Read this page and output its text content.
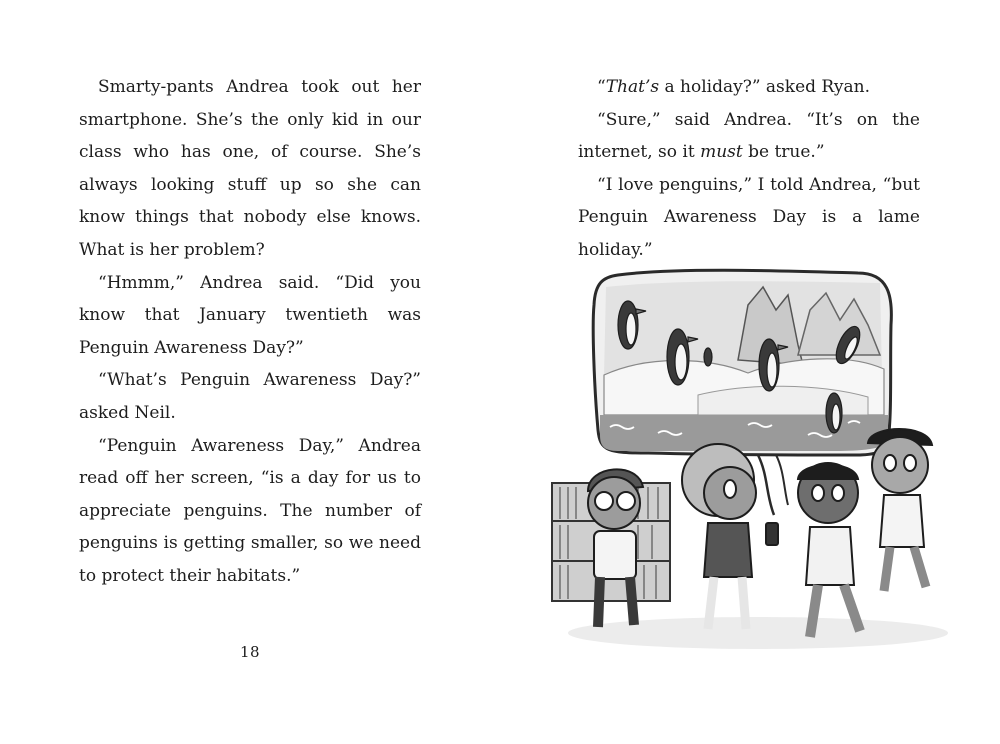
Smarty-pants Andrea took out her smartphone. She’s the only kid in our class who has one, of course. She’s always looking stuff up so she can know things that nobody else knows. What is her problem?

“Hmmm,” Andrea said. “Did you know that January twentieth was Penguin Awareness Day?”

“What’s Penguin Awareness Day?” asked Neil.

“Penguin Awareness Day,” Andrea read off her screen, “is a day for us to appreciate penguins. The number of penguins is getting smaller, so we need to protect their habitats.”

18

“That’s a holiday?” asked Ryan.

“Sure,” said Andrea. “It’s on the internet, so it must be true.”

“I love penguins,” I told Andrea, “but Penguin Awareness Day is a lame holiday.”
